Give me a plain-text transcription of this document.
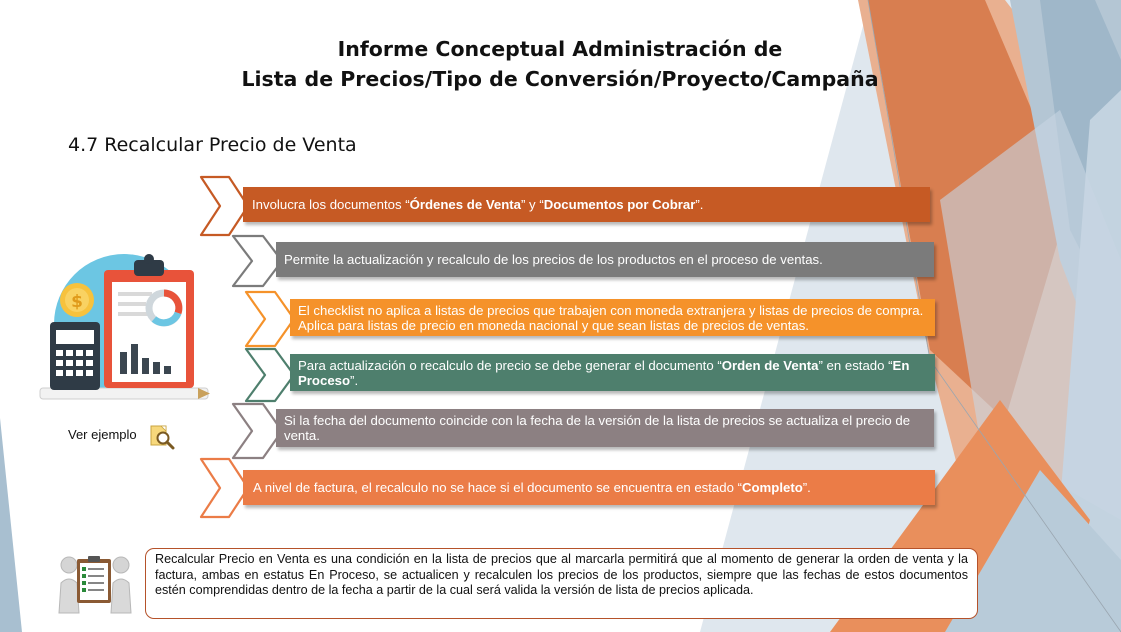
Informe Conceptual Administración de
Lista de Precios/Tipo de Conversión/Proyecto/Campaña
4.7 Recalcular Precio de Venta
$
Involucra los documentos “Órdenes de Venta” y “Documentos por Cobrar”.
Permite la actualización y recalculo de los precios de los productos en el proceso de ventas.
El checklist no aplica a listas de precios que trabajen con moneda extranjera y listas de precios de compra. Aplica para listas de precio en moneda nacional y que sean listas de precios de ventas.
Para actualización o recalculo de precio se debe generar el documento “Orden de Venta” en estado “En Proceso”.
Si la fecha del documento coincide con la fecha de la versión de la lista de precios se actualiza el precio de venta.
A nivel de factura, el recalculo no se hace si el documento se encuentra en estado “Completo”.
Ver ejemplo
Recalcular Precio en Venta es una condición en la lista de precios que al marcarla permitirá que al momento de generar la orden de venta y la factura, ambas en estatus En Proceso, se actualicen y recalculen los precios de los productos, siempre que las fechas de estos documentos estén comprendidas dentro de la fecha a partir de la cual será valida la versión de lista de precios aplicada.
